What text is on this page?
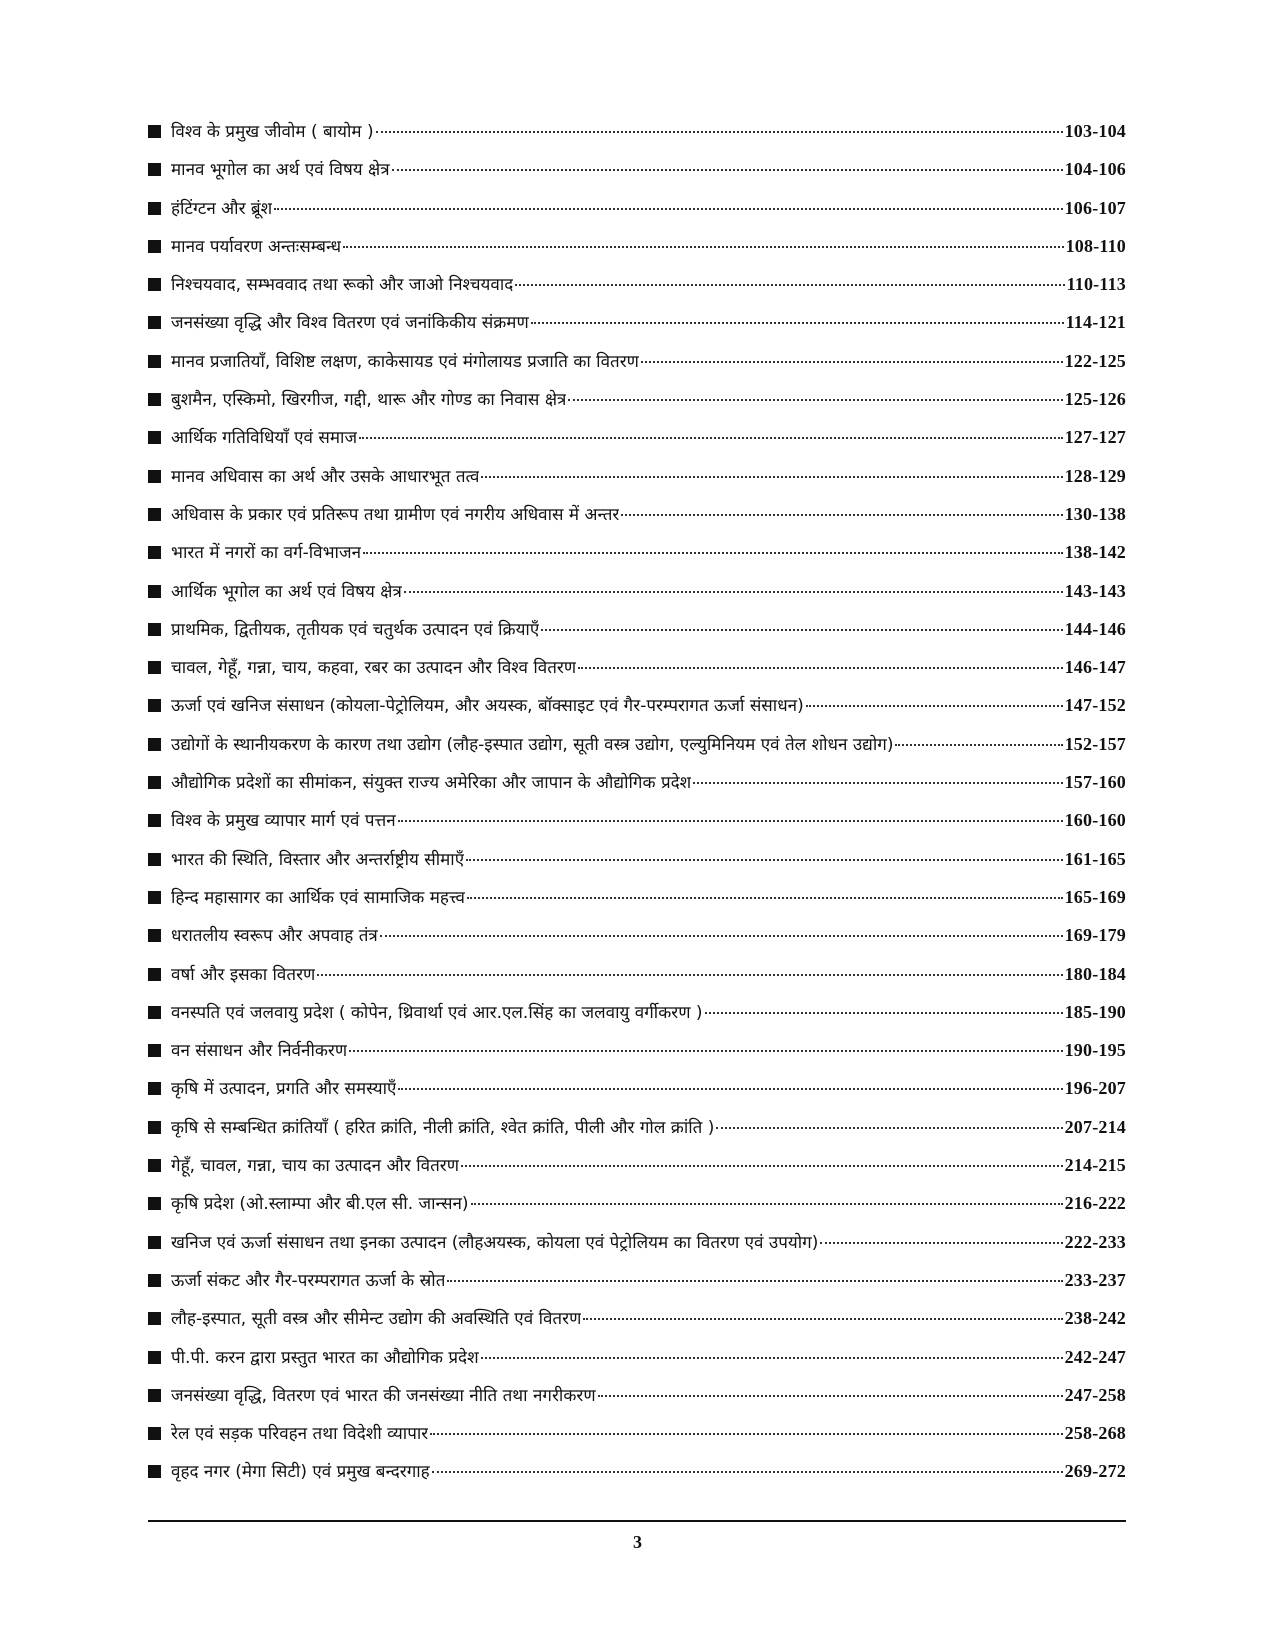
विश्व के प्रमुख जीवोम ( बायोम )	103-104
मानव भूगोल का अर्थ एवं विषय क्षेत्र	104-106
हंटिंग्टन और ब्रूंश	106-107
मानव पर्यावरण अन्तःसम्बन्ध	108-110
निश्चयवाद, सम्भववाद तथा रूको और जाओ निश्चयवाद	110-113
जनसंख्या वृद्धि और विश्व वितरण एवं जनांकिकीय संक्रमण	114-121
मानव प्रजातियाँ, विशिष्ट लक्षण, काकेसायड एवं मंगोलायड प्रजाति का वितरण	122-125
बुशमैन, एस्किमो, खिरगीज, गद्दी, थारू और गोण्ड का निवास क्षेत्र	125-126
आर्थिक गतिविधियाँ एवं समाज	127-127
मानव अधिवास का अर्थ और उसके आधारभूत तत्व	128-129
अधिवास के प्रकार एवं प्रतिरूप तथा ग्रामीण एवं नगरीय अधिवास में अन्तर	130-138
भारत में नगरों का वर्ग-विभाजन	138-142
आर्थिक भूगोल का अर्थ एवं विषय क्षेत्र	143-143
प्राथमिक, द्वितीयक, तृतीयक एवं चतुर्थक उत्पादन एवं क्रियाएँ	144-146
चावल, गेहूँ, गन्ना, चाय, कहवा, रबर का उत्पादन और विश्व वितरण	146-147
ऊर्जा एवं खनिज संसाधन (कोयला-पेट्रोलियम, और अयस्क, बॉक्साइट एवं गैर-परम्परागत ऊर्जा संसाधन)	147-152
उद्योगों के स्थानीयकरण के कारण तथा उद्योग (लौह-इस्पात उद्योग, सूती वस्त्र उद्योग, एल्युमिनियम एवं तेल शोधन उद्योग)	152-157
औद्योगिक प्रदेशों का सीमांकन, संयुक्त राज्य अमेरिका और जापान के औद्योगिक प्रदेश	157-160
विश्व के प्रमुख व्यापार मार्ग एवं पत्तन	160-160
भारत की स्थिति, विस्तार और अन्तर्राष्ट्रीय सीमाएँ	161-165
हिन्द महासागर का आर्थिक एवं सामाजिक महत्त्व	165-169
धरातलीय स्वरूप और अपवाह तंत्र	169-179
वर्षा और इसका वितरण	180-184
वनस्पति एवं जलवायु प्रदेश ( कोपेन, थ्रिवार्था एवं आर.एल.सिंह का जलवायु वर्गीकरण )	185-190
वन संसाधन और निर्वनीकरण	190-195
कृषि में उत्पादन, प्रगति और समस्याएँ	196-207
कृषि से सम्बन्धित क्रांतियाँ ( हरित क्रांति, नीली क्रांति, श्वेत क्रांति, पीली और गोल क्रांति )	207-214
गेहूँ, चावल, गन्ना, चाय का उत्पादन और वितरण	214-215
कृषि प्रदेश (ओ.स्लाम्पा और बी.एल सी. जान्सन)	216-222
खनिज एवं ऊर्जा संसाधन तथा इनका उत्पादन (लौहअयस्क, कोयला एवं पेट्रोलियम का वितरण एवं उपयोग)	222-233
ऊर्जा संकट और गैर-परम्परागत ऊर्जा के स्रोत	233-237
लौह-इस्पात, सूती वस्त्र और सीमेन्ट उद्योग की अवस्थिति एवं वितरण	238-242
पी.पी. करन द्वारा प्रस्तुत भारत का औद्योगिक प्रदेश	242-247
जनसंख्या वृद्धि, वितरण एवं भारत की जनसंख्या नीति तथा नगरीकरण	247-258
रेल एवं सड़क परिवहन तथा विदेशी व्यापार	258-268
वृहद नगर (मेगा सिटी) एवं प्रमुख बन्दरगाह	269-272
3
